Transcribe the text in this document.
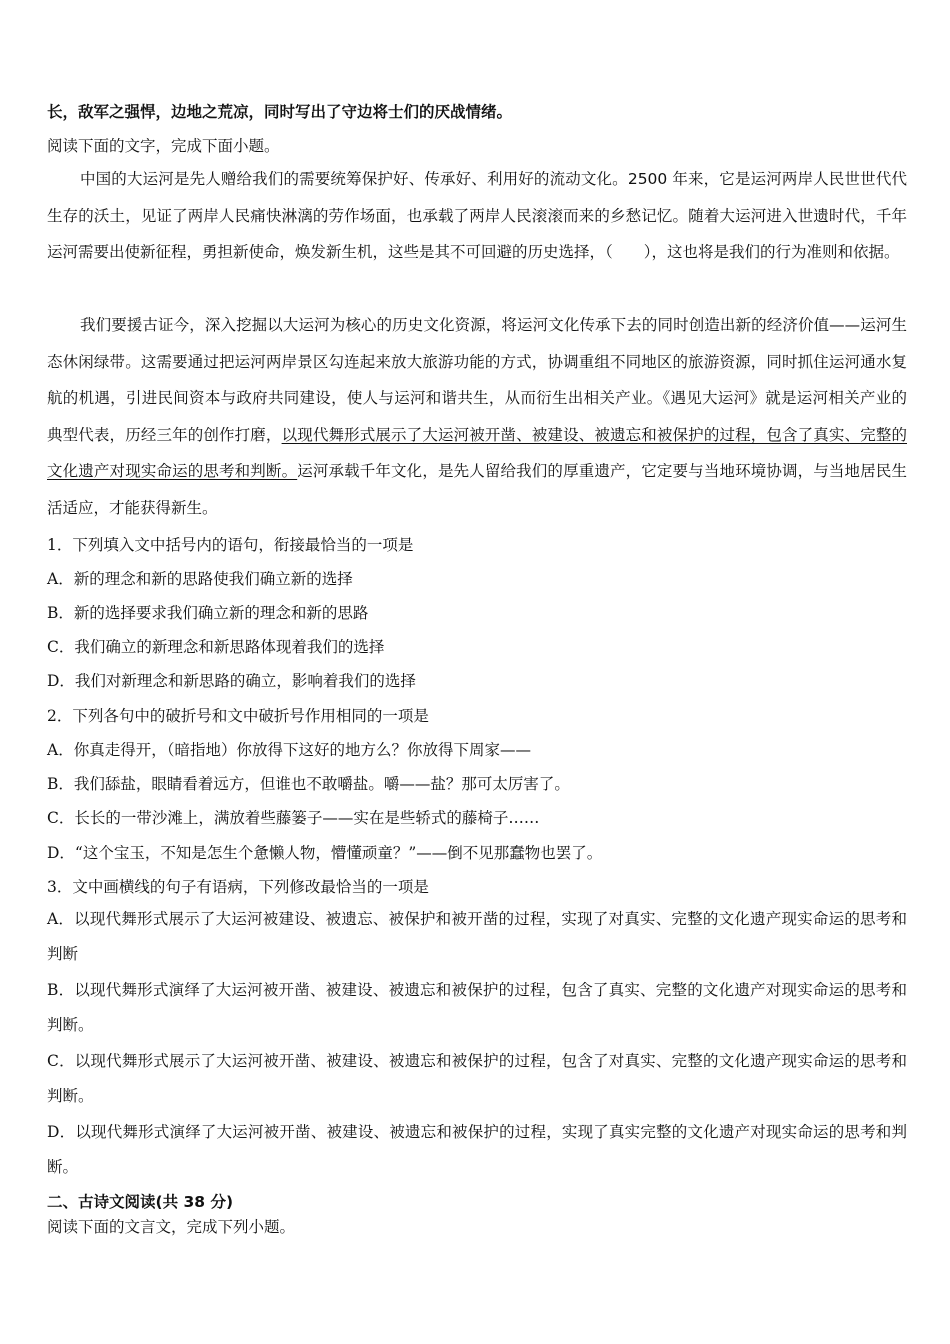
长，敌军之强悍，边地之荒凉，同时写出了守边将士们的厌战情绪。
阅读下面的文字，完成下面小题。
中国的大运河是先人赠给我们的需要统筹保护好、传承好、利用好的流动文化。2500 年来，它是运河两岸人民世世代代生存的沃土，见证了两岸人民痛快淋漓的劳作场面，也承载了两岸人民滚滚而来的乡愁记忆。随着大运河进入世遗时代，千年运河需要出使新征程，勇担新使命，焕发新生机，这些是其不可回避的历史选择，（　　），这也将是我们的行为准则和依据。
我们要援古证今，深入挖掘以大运河为核心的历史文化资源，将运河文化传承下去的同时创造出新的经济价值——运河生态休闲绿带。这需要通过把运河两岸景区勾连起来放大旅游功能的方式，协调重组不同地区的旅游资源，同时抓住运河通水复航的机遇，引进民间资本与政府共同建设，使人与运河和谐共生，从而衍生出相关产业。《遇见大运河》就是运河相关产业的典型代表，历经三年的创作打磨，以现代舞形式展示了大运河被开凿、被建设、被遗忘和被保护的过程，包含了真实、完整的文化遗产对现实命运的思考和判断。运河承载千年文化，是先人留给我们的厚重遗产，它定要与当地环境协调，与当地居民生活适应，才能获得新生。
1．下列填入文中括号内的语句，衔接最恰当的一项是
A．新的理念和新的思路使我们确立新的选择
B．新的选择要求我们确立新的理念和新的思路
C．我们确立的新理念和新思路体现着我们的选择
D．我们对新理念和新思路的确立，影响着我们的选择
2．下列各句中的破折号和文中破折号作用相同的一项是
A．你真走得开，（暗指地）你放得下这好的地方么？你放得下周家——
B．我们舔盐，眼睛看着远方，但谁也不敢嚼盐。嚼——盐？那可太厉害了。
C．长长的一带沙滩上，满放着些藤篓子——实在是些轿式的藤椅子……
D．“这个宝玉，不知是怎生个惫懒人物，懵懂顽童？”——倒不见那蠢物也罢了。
3．文中画横线的句子有语病，下列修改最恰当的一项是
A．以现代舞形式展示了大运河被建设、被遗忘、被保护和被开凿的过程，实现了对真实、完整的文化遗产现实命运的思考和判断
B．以现代舞形式演绎了大运河被开凿、被建设、被遗忘和被保护的过程，包含了真实、完整的文化遗产对现实命运的思考和判断。
C．以现代舞形式展示了大运河被开凿、被建设、被遗忘和被保护的过程，包含了对真实、完整的文化遗产现实命运的思考和判断。
D．以现代舞形式演绎了大运河被开凿、被建设、被遗忘和被保护的过程，实现了真实完整的文化遗产对现实命运的思考和判断。
二、古诗文阅读(共 38 分)
阅读下面的文言文，完成下列小题。
